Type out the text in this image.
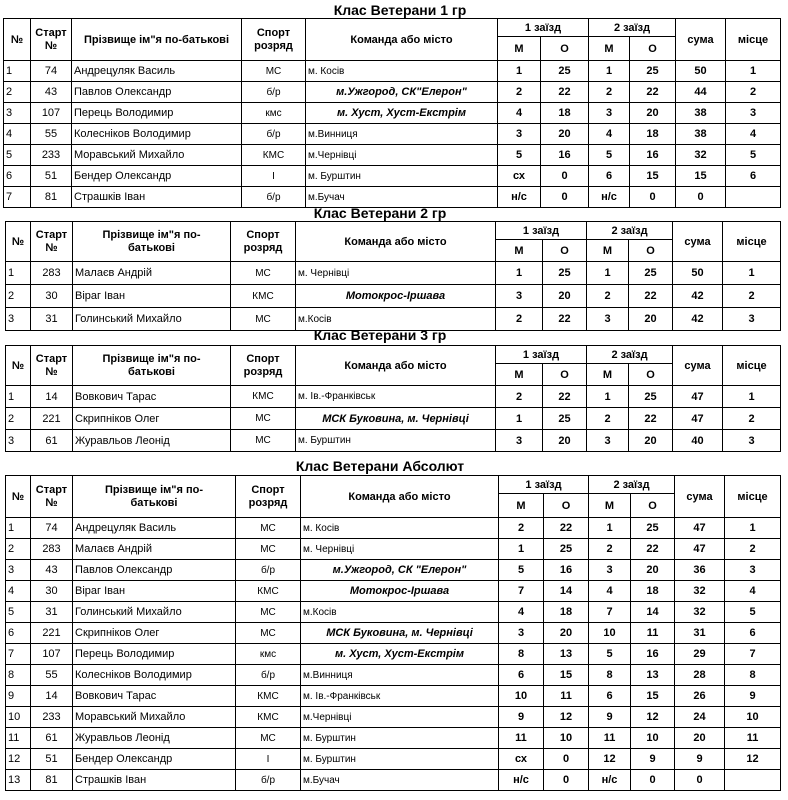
Клас Ветерани 1 гр
№	Старт
№	Прізвище ім"я по-батькові	Спорт
розряд	Команда або місто	1 заїзд		2 заїзд		сума	місце
					М	О	М	О		
1	74	Андрецуляк Василь	МС	м. Косів	1	25	1	25	50	1
2	43	Павлов Олександр	б/р	м.Ужгород, СК"Елерон"	2	22	2	22	44	2
3	107	Перець Володимир	кмс	м. Хуст, Хуст-Екстрім	4	18	3	20	38	3
4	55	Колесніков Володимир	б/р	м.Винниця	3	20	4	18	38	4
5	233	Моравський Михайло	КМС	м.Чернівці	5	16	5	16	32	5
6	51	Бендер Олександр	І	м. Бурштин	сх	0	6	15	15	6
7	81	Страшків Іван	б/р	м.Бучач	н/с	0	н/с	0	0	
Клас Ветерани 2 гр
№	Старт
№	Прізвище ім"я по-
батькові	Спорт
розряд	Команда або місто	1 заїзд		2 заїзд		сума	місце
					М	О	М	О		
1	283	Малаєв Андрій	МС	м. Чернівці	1	25	1	25	50	1
2	30	Віраг Іван	КМС	Мотокрос-Іршава	3	20	2	22	42	2
3	31	Голинський Михайло	МС	м.Косів	2	22	3	20	42	3
Клас Ветерани 3 гр
№	Старт
№	Прізвище ім"я по-
батькові	Спорт
розряд	Команда або місто	1 заїзд		2 заїзд		сума	місце
					М	О	М	О		
1	14	Вовкович Тарас	КМС	м. Ів.-Франківськ	2	22	1	25	47	1
2	221	Скрипніков Олег	МС	МСК Буковина, м. Чернівці	1	25	2	22	47	2
3	61	Журавльов Леонід	МС	м. Бурштин	3	20	3	20	40	3
Клас Ветерани Абсолют
№	Старт
№	Прізвище ім"я по-
батькові	Спорт
розряд	Команда або місто	1 заїзд		2 заїзд		сума	місце
					М	О	М	О		
1	74	Андрецуляк Василь	МС	м. Косів	2	22	1	25	47	1
2	283	Малаєв Андрій	МС	м. Чернівці	1	25	2	22	47	2
3	43	Павлов Олександр	б/р	м.Ужгород, СК "Елерон"	5	16	3	20	36	3
4	30	Віраг Іван	КМС	Мотокрос-Іршава	7	14	4	18	32	4
5	31	Голинський Михайло	МС	м.Косів	4	18	7	14	32	5
6	221	Скрипніков Олег	МС	МСК Буковина, м. Чернівці	3	20	10	11	31	6
7	107	Перець Володимир	кмс	м. Хуст, Хуст-Екстрім	8	13	5	16	29	7
8	55	Колесніков Володимир	б/р	м.Винниця	6	15	8	13	28	8
9	14	Вовкович Тарас	КМС	м. Ів.-Франківськ	10	11	6	15	26	9
10	233	Моравський Михайло	КМС	м.Чернівці	9	12	9	12	24	10
11	61	Журавльов Леонід	МС	м. Бурштин	11	10	11	10	20	11
12	51	Бендер Олександр	І	м. Бурштин	сх	0	12	9	9	12
13	81	Страшків Іван	б/р	м.Бучач	н/с	0	н/с	0	0	
